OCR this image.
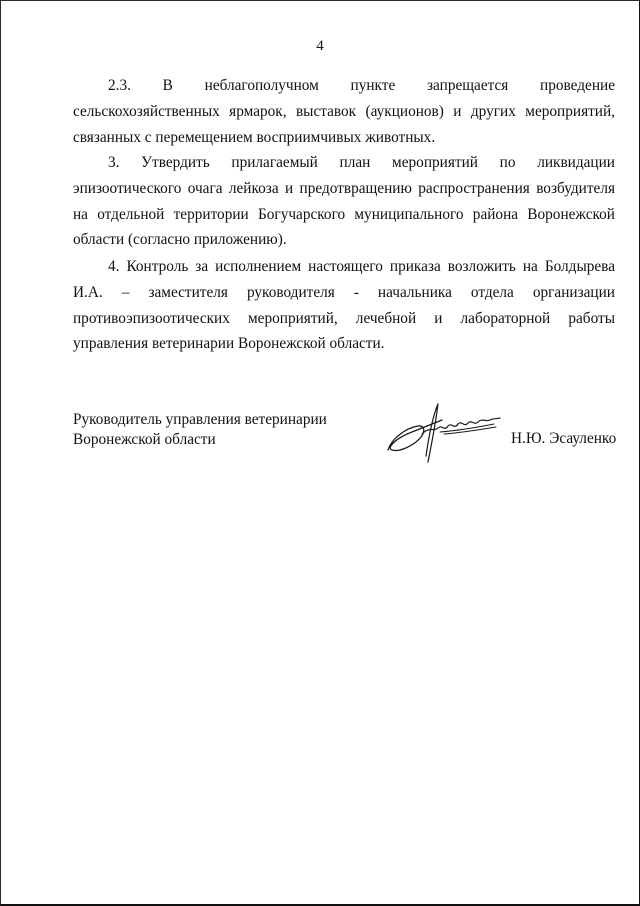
4
2.3. В неблагополучном пункте запрещается проведение сельскохозяйственных ярмарок, выставок (аукционов) и других мероприятий, связанных с перемещением восприимчивых животных.
3. Утвердить прилагаемый план мероприятий по ликвидации эпизоотического очага лейкоза и предотвращению распространения возбудителя на отдельной территории Богучарского муниципального района Воронежской области (согласно приложению).
4. Контроль за исполнением настоящего приказа возложить на Болдырева И.А. – заместителя руководителя - начальника отдела организации противоэпизоотических мероприятий, лечебной и лабораторной работы управления ветеринарии Воронежской области.
Руководитель управления ветеринарии
Воронежской области	Н.Ю. Эсауленко
